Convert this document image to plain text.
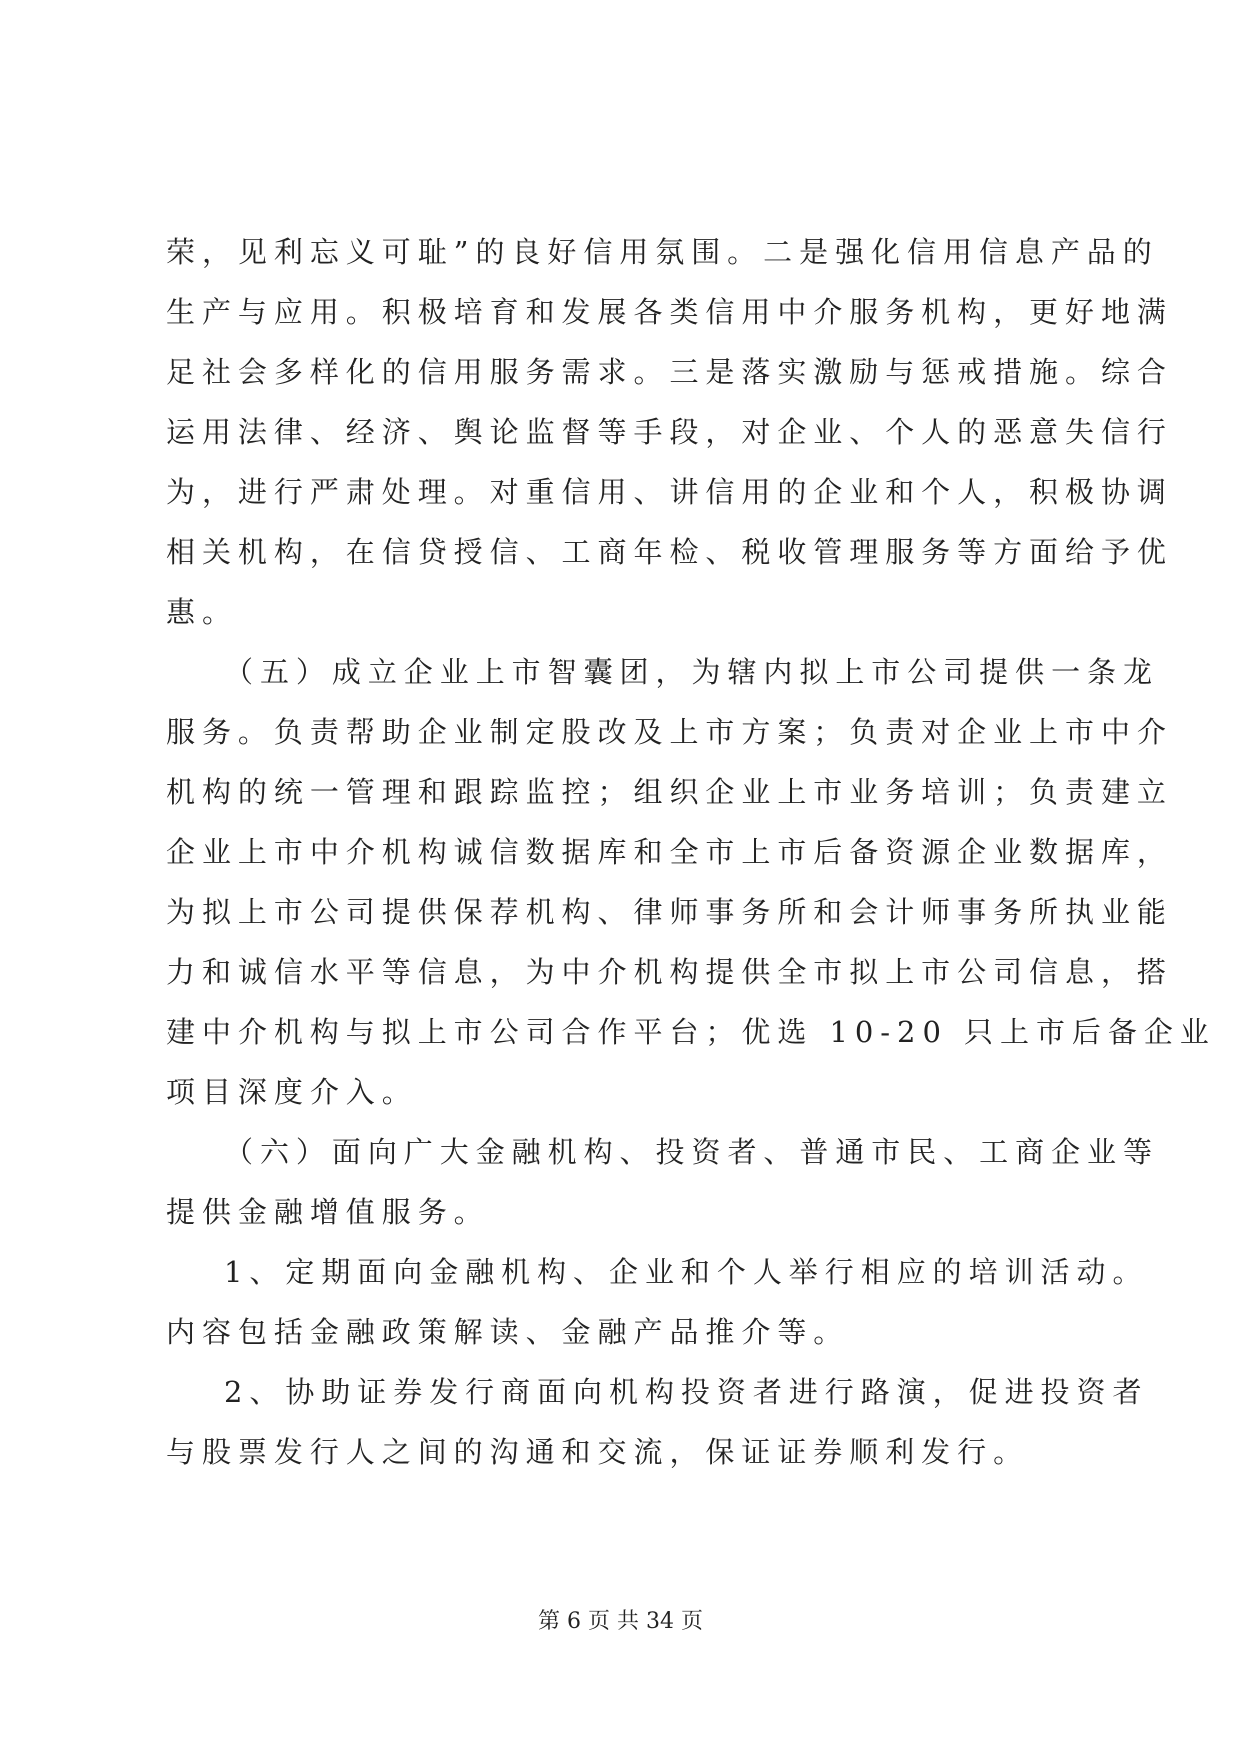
荣，见利忘义可耻”的良好信用氛围。二是强化信用信息产品的
生产与应用。积极培育和发展各类信用中介服务机构，更好地满
足社会多样化的信用服务需求。三是落实激励与惩戒措施。综合
运用法律、经济、舆论监督等手段，对企业、个人的恶意失信行
为，进行严肃处理。对重信用、讲信用的企业和个人，积极协调
相关机构，在信贷授信、工商年检、税收管理服务等方面给予优
惠。
（五）成立企业上市智囊团，为辖内拟上市公司提供一条龙
服务。负责帮助企业制定股改及上市方案；负责对企业上市中介
机构的统一管理和跟踪监控；组织企业上市业务培训；负责建立
企业上市中介机构诚信数据库和全市上市后备资源企业数据库，
为拟上市公司提供保荐机构、律师事务所和会计师事务所执业能
力和诚信水平等信息，为中介机构提供全市拟上市公司信息，搭
建中介机构与拟上市公司合作平台；优选 10-20 只上市后备企业
项目深度介入。
（六）面向广大金融机构、投资者、普通市民、工商企业等
提供金融增值服务。
1、定期面向金融机构、企业和个人举行相应的培训活动。
内容包括金融政策解读、金融产品推介等。
2、协助证券发行商面向机构投资者进行路演，促进投资者
与股票发行人之间的沟通和交流，保证证券顺利发行。
第 6 页 共 34 页
